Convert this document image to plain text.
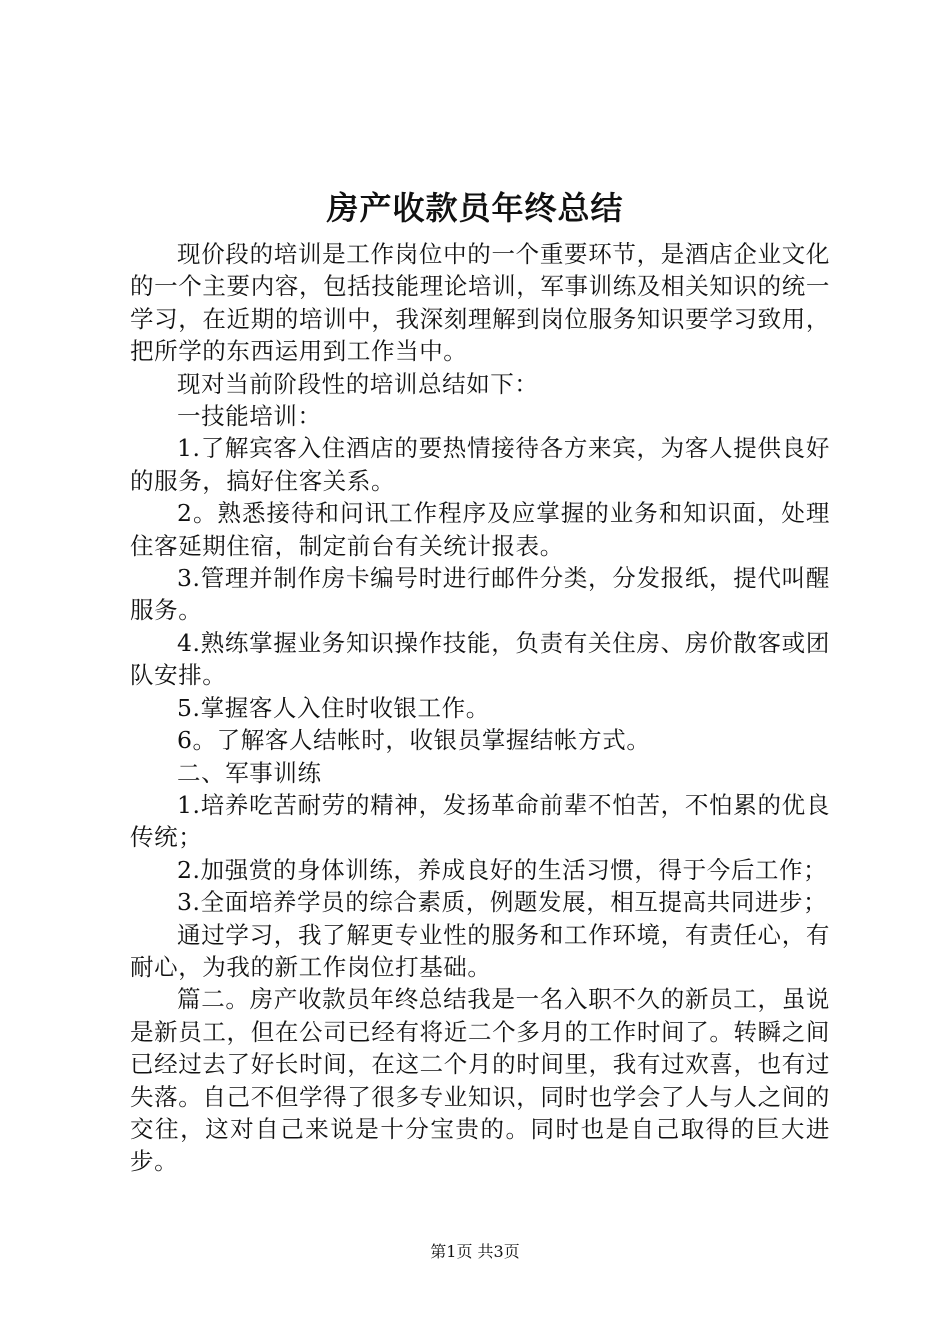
房产收款员年终总结

现价段的培训是工作岗位中的一个重要环节，是酒店企业文化的一个主要内容，包括技能理论培训，军事训练及相关知识的统一学习，在近期的培训中，我深刻理解到岗位服务知识要学习致用，把所学的东西运用到工作当中。

现对当前阶段性的培训总结如下：

一技能培训：

1.了解宾客入住酒店的要热情接待各方来宾，为客人提供良好的服务，搞好住客关系。

2。熟悉接待和问讯工作程序及应掌握的业务和知识面，处理住客延期住宿，制定前台有关统计报表。

3.管理并制作房卡编号时进行邮件分类，分发报纸，提代叫醒服务。

4.熟练掌握业务知识操作技能，负责有关住房、房价散客或团队安排。

5.掌握客人入住时收银工作。

6。了解客人结帐时，收银员掌握结帐方式。

二、军事训练

1.培养吃苦耐劳的精神，发扬革命前辈不怕苦，不怕累的优良传统；

2.加强赏的身体训练，养成良好的生活习惯，得于今后工作；

3.全面培养学员的综合素质，例题发展，相互提高共同进步；

通过学习，我了解更专业性的服务和工作环境，有责任心，有耐心，为我的新工作岗位打基础。

篇二。房产收款员年终总结我是一名入职不久的新员工，虽说是新员工，但在公司已经有将近二个多月的工作时间了。转瞬之间已经过去了好长时间，在这二个月的时间里，我有过欢喜，也有过失落。自己不但学得了很多专业知识，同时也学会了人与人之间的交往，这对自己来说是十分宝贵的。同时也是自己取得的巨大进步。

第1页 共3页
